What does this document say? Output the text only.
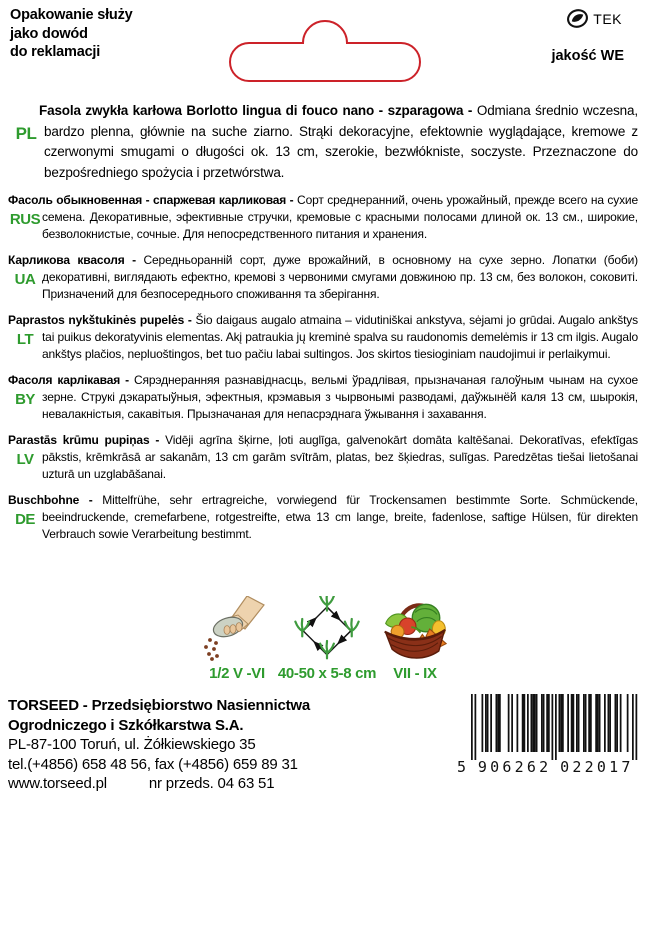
Opakowanie służy
jako dowód
do reklamacji
TEK
jakość WE
PL

Fasola zwykła karłowa Borlotto lingua di fouco nano - szparagowa - Odmiana średnio wczesna, bardzo plenna, głównie na suche ziarno. Strąki dekoracyjne, efektownie wyglądające, kremowe z czerwonymi smugami o długości ok. 13 cm, szerokie, bezwłókniste, soczyste. Przeznaczone do bezpośredniego spożycia i przetwórstwa.

RUS

Фасоль обыкновенная - спаржевая карликовая - Сорт среднеранний, очень урожайный, прежде всего на сухие семена. Декоративные, эфективные стручки, кремовые с красными полосами длиной ок. 13 см., широкие, безволокнистые, сочные. Для непосредственного питания и хранения.

UA

Карликова квасоля - Середньоранній сорт, дуже врожайний, в основному на сухе зерно. Лопатки (боби) декоративні, виглядають ефектно, кремові з червоними смугами довжиною пр. 13 см, без волокон, соковиті. Призначений для безпосереднього споживання та зберігання.

LT

Paprastos nykštukinės pupelės - Šio daigaus augalo atmaina – vidutiniškai ankstyva, sėjami jo grūdai. Augalo ankštys tai puikus dekoratyvinis elementas. Akį patraukia jų kreminė spalva su raudonomis demelėmis ir 13 cm ilgis. Augalo ankštys plačios, nepluoštingos, bet tuo pačiu labai sultingos. Jos skirtos tiesioginiam naudojimui ir perlaikymui.

BY

Фасоля карлікавая - Сярэднеранняя разнавіднасць, вельмі ўрадлівая, прызначаная галоўным чынам на сухое зерне. Струкі дэкаратыўныя, эфектныя, крэмавыя з чырвонымі разводамі, даўжынёй каля 13 см, шырокія, невалакністыя, сакавітыя. Прызначаная для непасрэднага ўжывання і захавання.

LV

Parastās krūmu pupiņas - Vidēji agrīna šķirne, ļoti auglīga, galvenokārt domāta kaltēšanai. Dekoratīvas, efektīgas pākstis, krēmkrāsā ar sakanām, 13 cm garām svītrām, platas, bez šķiedras, sulīgas. Paredzētas tiešai lietošanai uzturā un uzglabāšanai.

DE

Buschbohne - Mittelfrühe, sehr ertragreiche, vorwiegend für Trockensamen bestimmte Sorte. Schmückende, beeindruckende, cremefarbene, rotgestreifte, etwa 13 cm lange, breite, fadenlose, saftige Hülsen, für direkten Verbrauch sowie Verarbeitung bestimmt.

1/2 V -VI 40-50 x 5-8 cm	VII - IX
TORSEED - Przedsiębiorstwo Nasiennictwa
Ogrodniczego i Szkółkarstwa S.A.
PL-87-100 Toruń, ul. Żółkiewskiego 35
tel.(+4856) 658 48 56, fax (+4856) 659 89 31
www.torseed.pl	nr przeds. 04 63 51
5 9 0 6 2 6 2 0 2 2 0 1 7
